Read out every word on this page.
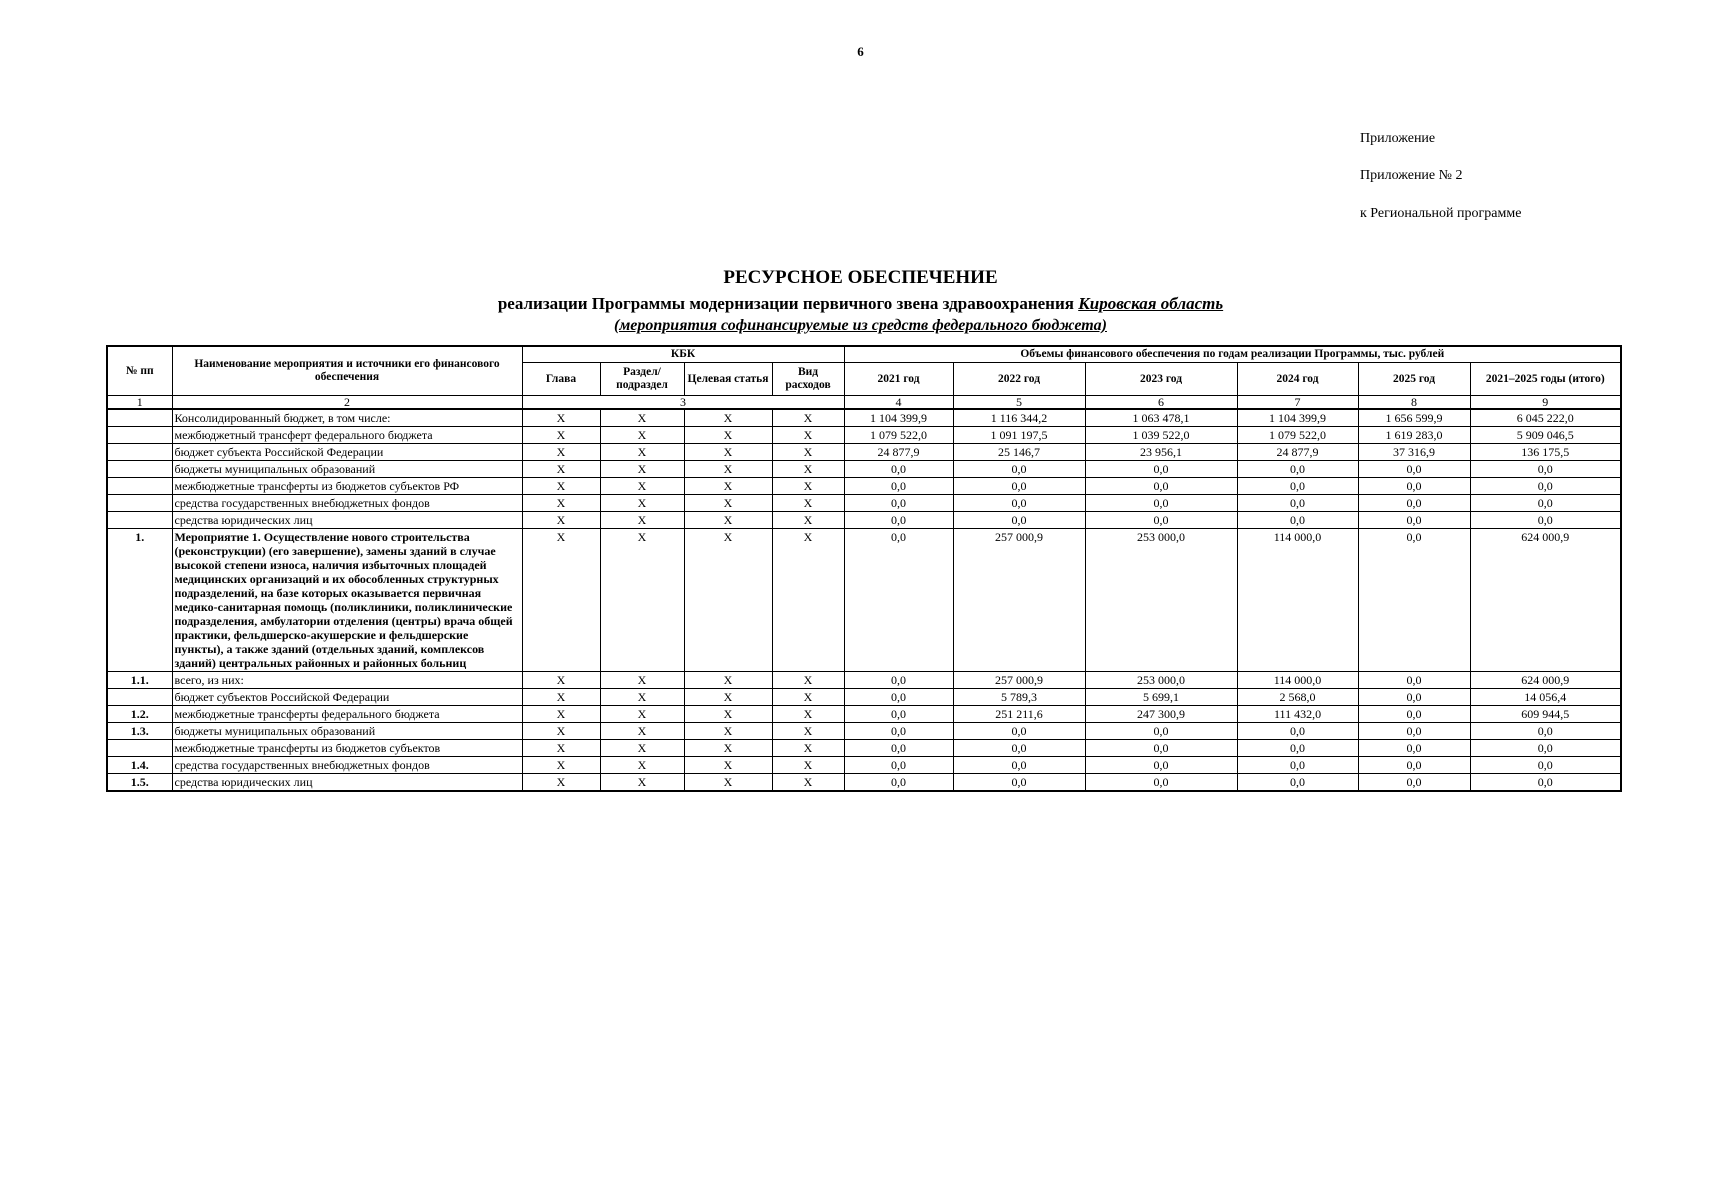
6
Приложение
Приложение № 2
к Региональной программе
РЕСУРСНОЕ ОБЕСПЕЧЕНИЕ
реализации Программы модернизации первичного звена здравоохранения Кировская область
(мероприятия софинансируемые из средств федерального бюджета)
№ пп	Наименование мероприятия и источники его финансового обеспечения	КБК				Объемы финансового обеспечения по годам реализации Программы, тыс. рублей					
		Глава	Раздел/ подраздел	Целевая статья	Вид расходов	2021 год	2022 год	2023 год	2024 год	2025 год	2021–2025 годы (итого)
1	2	3				4	5	6	7	8	9
	Консолидированный бюджет, в том числе:	X	X	X	X	1 104 399,9	1 116 344,2	1 063 478,1	1 104 399,9	1 656 599,9	6 045 222,0
	межбюджетный трансферт федерального бюджета	X	X	X	X	1 079 522,0	1 091 197,5	1 039 522,0	1 079 522,0	1 619 283,0	5 909 046,5
	бюджет субъекта Российской Федерации	X	X	X	X	24 877,9	25 146,7	23 956,1	24 877,9	37 316,9	136 175,5
	бюджеты муниципальных образований	X	X	X	X	0,0	0,0	0,0	0,0	0,0	0,0
	межбюджетные трансферты из бюджетов субъектов РФ	X	X	X	X	0,0	0,0	0,0	0,0	0,0	0,0
	средства государственных внебюджетных фондов	X	X	X	X	0,0	0,0	0,0	0,0	0,0	0,0
	средства юридических лиц	X	X	X	X	0,0	0,0	0,0	0,0	0,0	0,0
1.	Мероприятие 1. Осуществление нового строительства (реконструкции) (его завершение), замены зданий в случае высокой степени износа, наличия избыточных площадей медицинских организаций и их обособленных структурных подразделений, на базе которых оказывается первичная медико-санитарная помощь (поликлиники, поликлинические подразделения, амбулатории отделения (центры) врача общей практики, фельдшерско-акушерские и фельдшерские пункты), а также зданий (отдельных зданий, комплексов зданий) центральных районных и районных больниц	X	X	X	X	0,0	257 000,9	253 000,0	114 000,0	0,0	624 000,9
1.1.	всего, из них:	X	X	X	X	0,0	257 000,9	253 000,0	114 000,0	0,0	624 000,9
	бюджет субъектов Российской Федерации	X	X	X	X	0,0	5 789,3	5 699,1	2 568,0	0,0	14 056,4
1.2.	межбюджетные трансферты федерального бюджета	X	X	X	X	0,0	251 211,6	247 300,9	111 432,0	0,0	609 944,5
1.3.	бюджеты муниципальных образований	X	X	X	X	0,0	0,0	0,0	0,0	0,0	0,0
	межбюджетные трансферты из бюджетов субъектов	X	X	X	X	0,0	0,0	0,0	0,0	0,0	0,0
1.4.	средства государственных внебюджетных фондов	X	X	X	X	0,0	0,0	0,0	0,0	0,0	0,0
1.5.	средства юридических лиц	X	X	X	X	0,0	0,0	0,0	0,0	0,0	0,0
